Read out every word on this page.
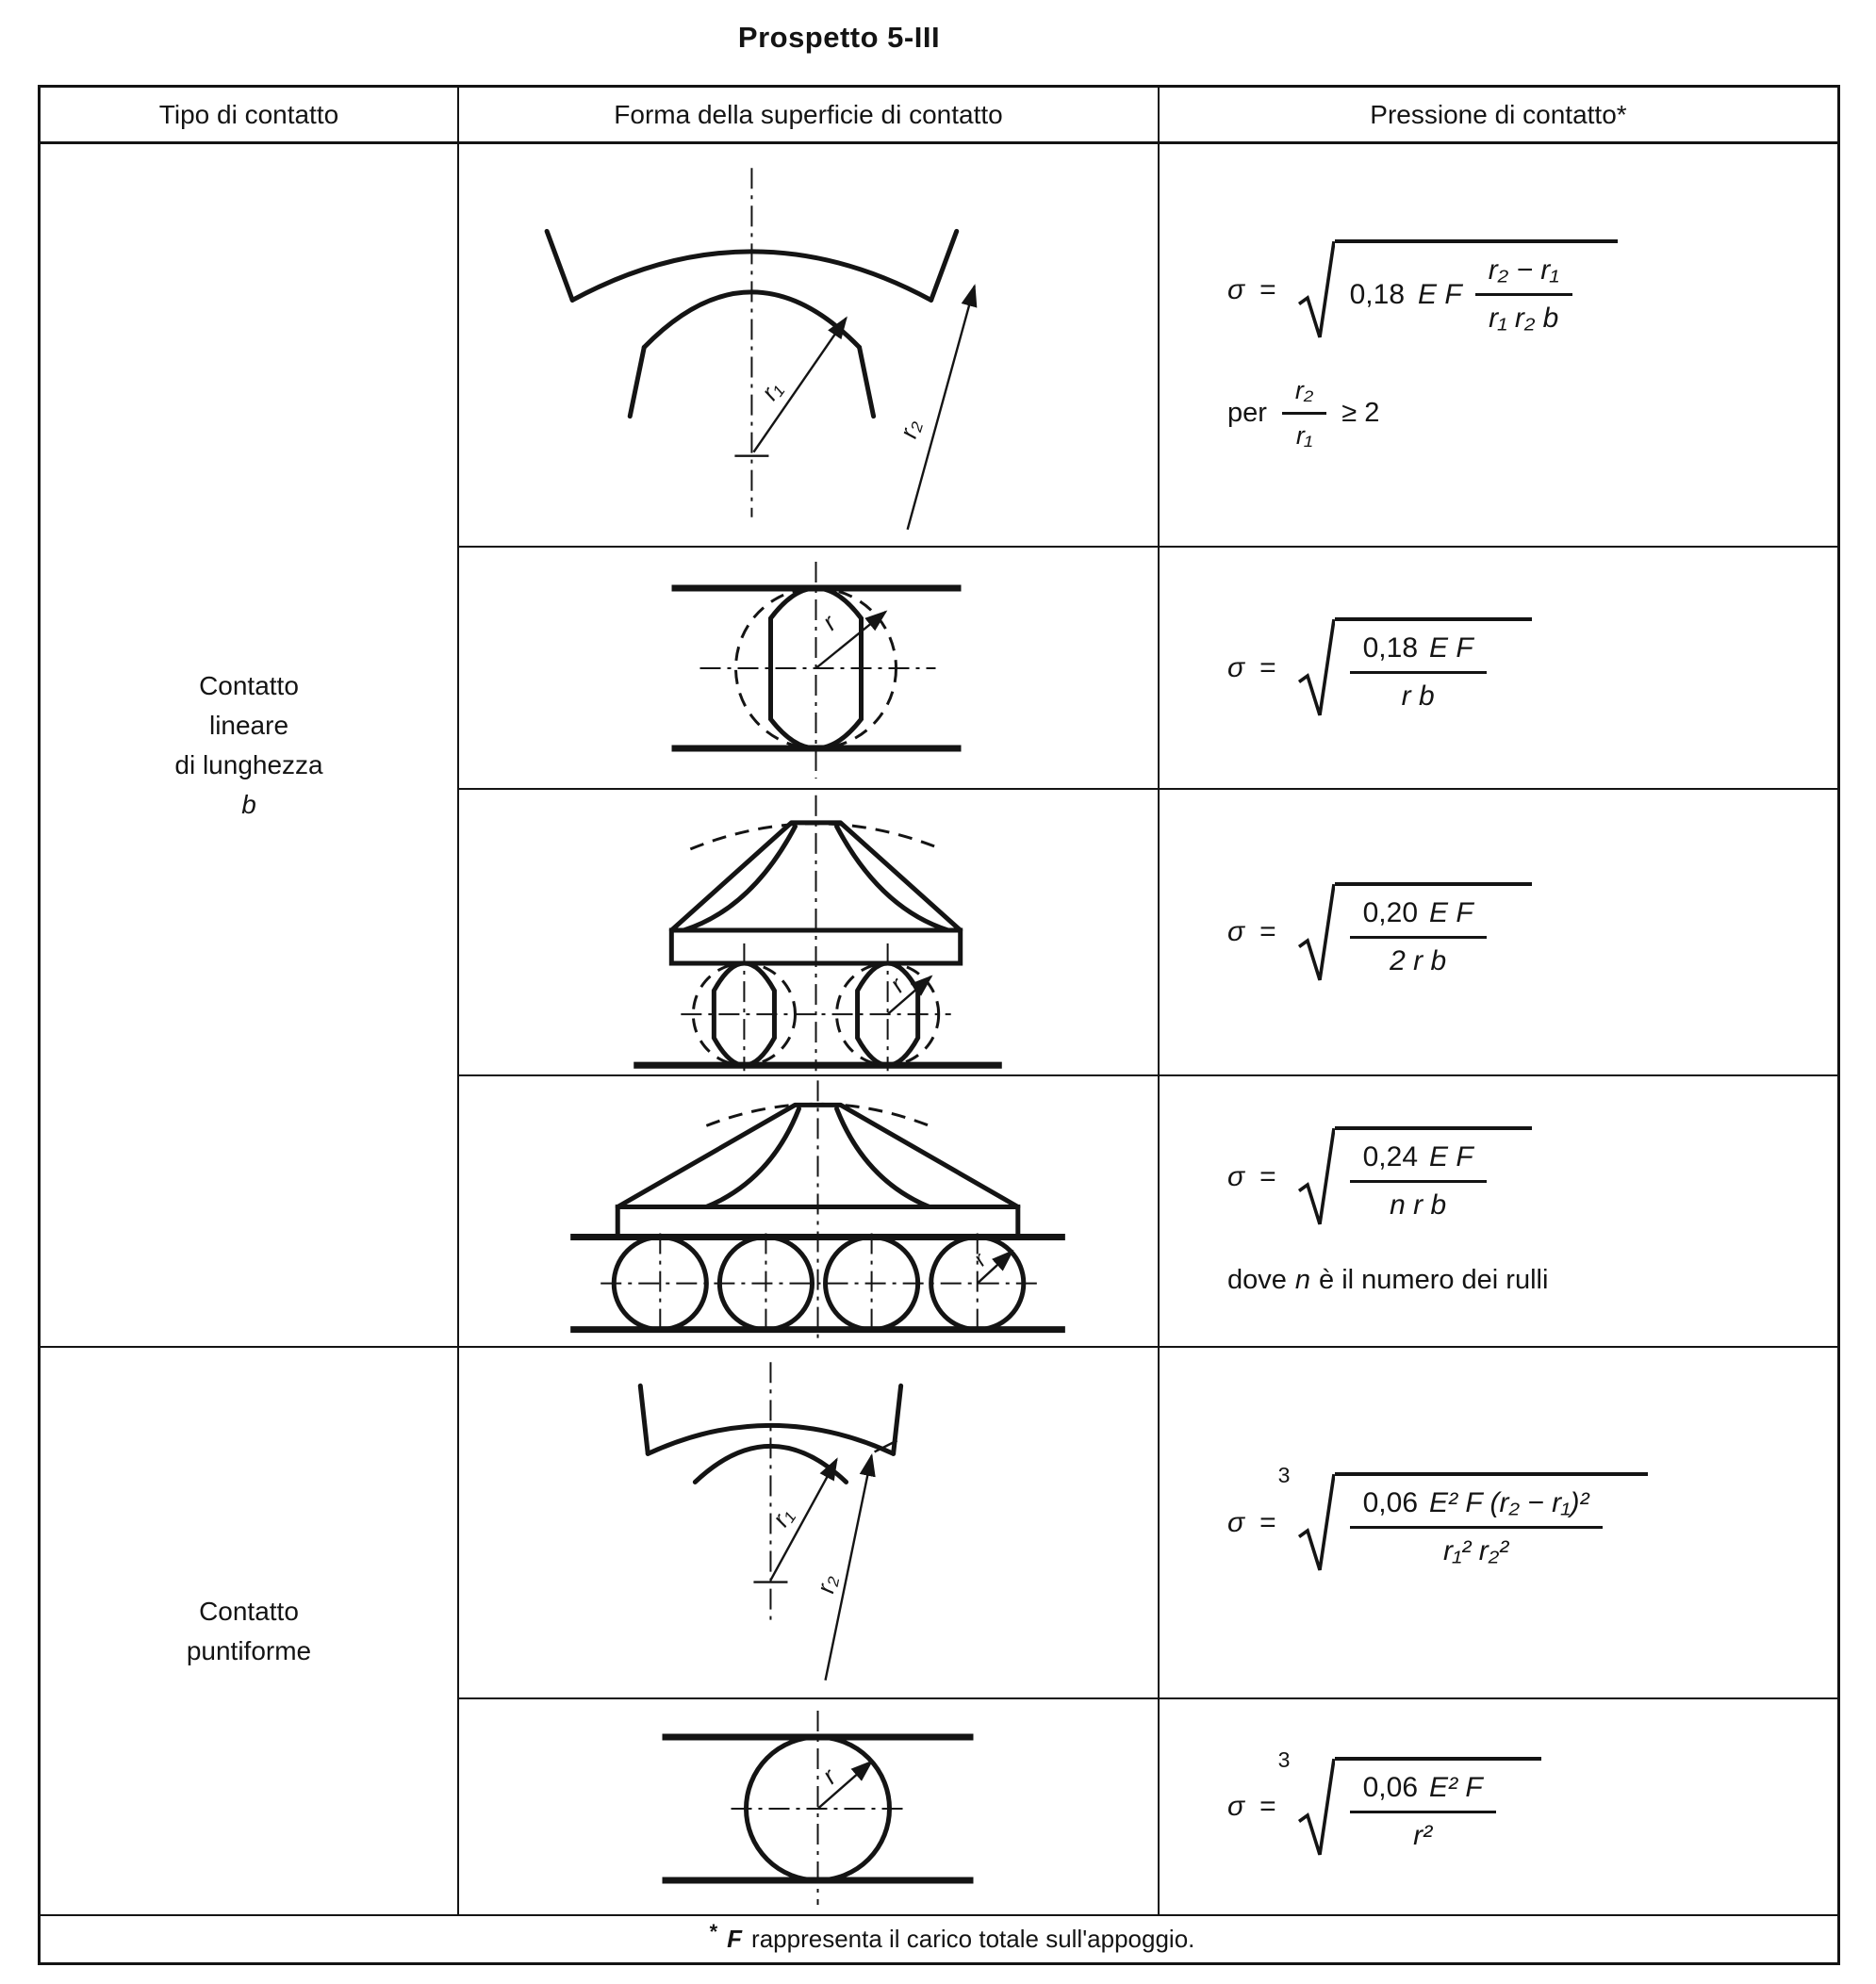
Prospetto 5-III
Tipo di contatto	Forma della superficie di contatto	Pressione di contatto*
Contatto
lineare
di lunghezza
b
r₁
r₂
σ =	0,18 E F $\frac{\text{r₂ − r₁}}{\text{r₁ r₂ b}}$
per $\frac{\text{r₂}}{\text{r₁}} \ge 2$
r
σ =	$\frac{\text{0,18 E F}}{\text{r b}}$
r
σ =	$\frac{\text{0,20 E F}}{\text{2 r b}}$
r
σ =	$\frac{\text{0,24 E F}}{\text{n r b}}$
dove n è il numero dei rulli
Contatto
puntiforme
r₁
r₂
σ =
3
$\frac{\text{0,06 E² F (r₂ − r₁)²}}{\text{r₁² r₂²}}$
r
σ =
3
$\frac{\text{0,06 E² F}}{\text{r²}}$
* F rappresenta il carico totale sull'appoggio.
